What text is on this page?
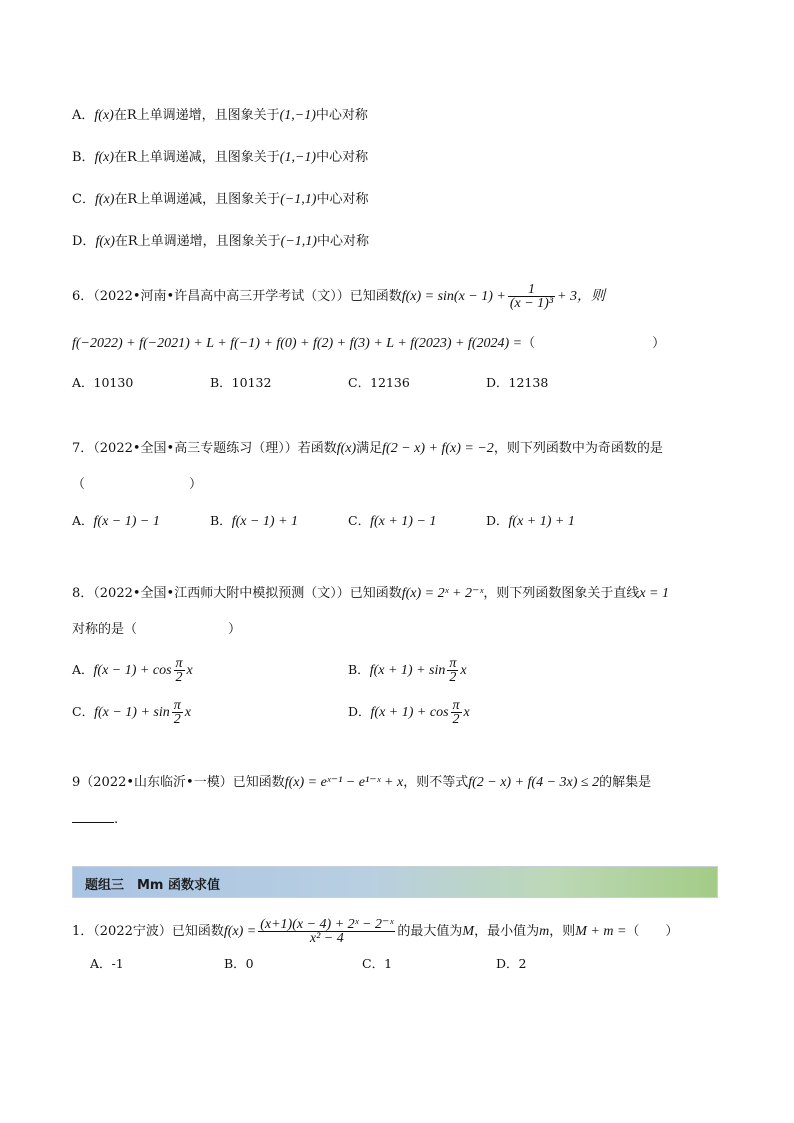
A．f(x)在R上单调递增，且图象关于(1,−1)中心对称
B．f(x)在R上单调递减，且图象关于(1,−1)中心对称
C．f(x)在R上单调递减，且图象关于(−1,1)中心对称
D．f(x)在R上单调递增，且图象关于(−1,1)中心对称
6．（2022•河南•许昌高中高三开学考试（文））已知函数$f(x) = \sin(x - 1) + \frac{1}{\text{(x − 1)³}} + 3$，则
f(−2022) + f(−2021) + L + f(−1) + f(0) + f(2) + f(3) + L + f(2023) + f(2024) =（　　　　　　　　　）
A．10130	B．10132	C．12136	D．12138
7．（2022•全国•高三专题练习（理））若函数f(x)满足f(2 − x) + f(x) = −2，则下列函数中为奇函数的是
（　　　　　　　　）
A．f(x − 1) − 1	B．f(x − 1) + 1	C．f(x + 1) − 1	D．f(x + 1) + 1
8．（2022•全国•江西师大附中模拟预测（文））已知函数f(x) = 2ˣ + 2⁻ˣ，则下列函数图象关于直线x = 1
对称的是（　　　　　　　）
A．$f(x - 1) + \cos \frac{\pi}{2}$ x	B．$f(x + 1) + \sin \frac{\pi}{2}$ x
C．$f(x - 1) + \sin \frac{\pi}{2}$ x	D．$f(x + 1) + \cos \frac{\pi}{2}$ x
9（2022•山东临沂•一模）已知函数f(x) = eˣ⁻¹ − e¹⁻ˣ + x，则不等式f(2 − x) + f(4 − 3x) ≤ 2的解集是
.
题组三　Mm 函数求值
1．（2022宁波）已知函数$f(x) = \frac{\text{(x+1)(x − 4) + 2ˣ − 2⁻ˣ}}{\text{x² − 4}}$ 的最大值为M，最小值为m，则M + m =（　　）
A．-1	B．0	C．1	D．2
